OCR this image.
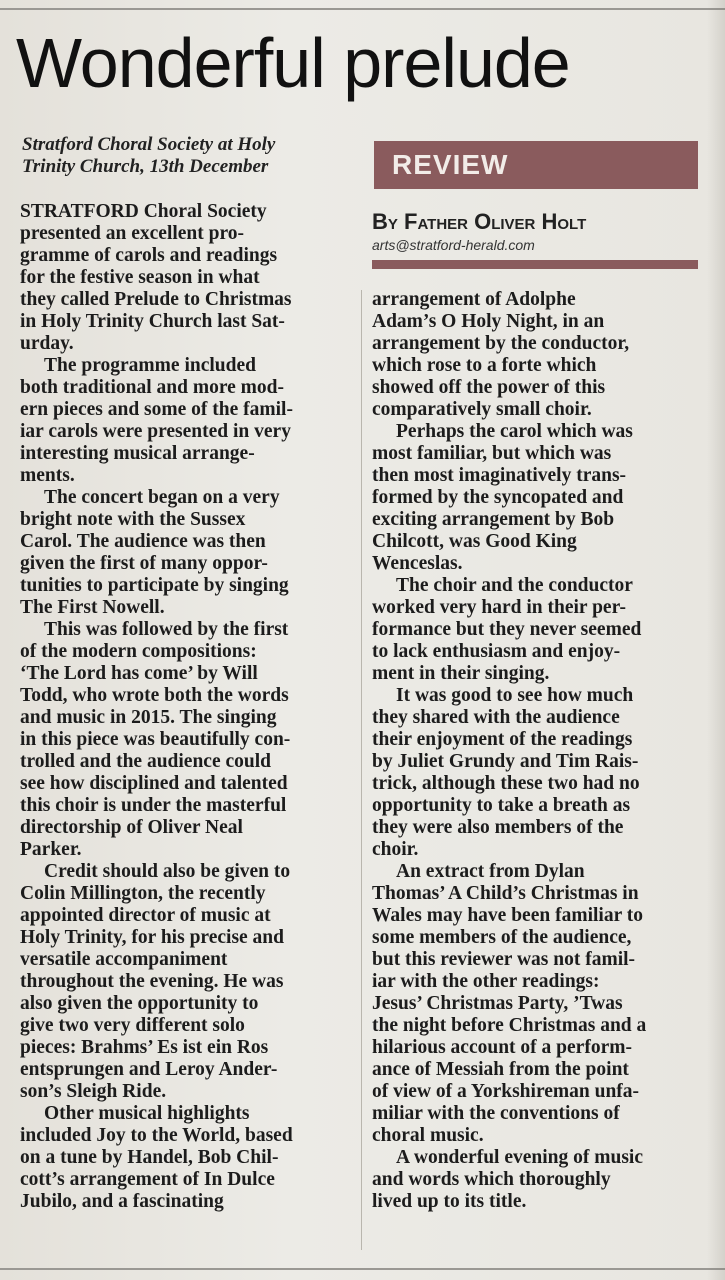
Wonderful prelude
Stratford Choral Society at Holy
Trinity Church, 13th December	REVIEW
By Father Oliver Holt
arts@stratford-herald.com

STRATFORD Choral Society

presented an excellent pro-

gramme of carols and readings

for the festive season in what

they called Prelude to Christmas

in Holy Trinity Church last Sat-

urday.

The programme included

both traditional and more mod-

ern pieces and some of the famil-

iar carols were presented in very

interesting musical arrange-

ments.

The concert began on a very

bright note with the Sussex

Carol. The audience was then

given the first of many oppor-

tunities to participate by singing

The First Nowell.

This was followed by the first

of the modern compositions:

‘The Lord has come’ by Will

Todd, who wrote both the words

and music in 2015. The singing

in this piece was beautifully con-

trolled and the audience could

see how disciplined and talented

this choir is under the masterful

directorship of Oliver Neal

Parker.

Credit should also be given to

Colin Millington, the recently

appointed director of music at

Holy Trinity, for his precise and

versatile accompaniment

throughout the evening. He was

also given the opportunity to

give two very different solo

pieces: Brahms’ Es ist ein Ros

entsprungen and Leroy Ander-

son’s Sleigh Ride.

Other musical highlights

included Joy to the World, based

on a tune by Handel, Bob Chil-

cott’s arrangement of In Dulce

Jubilo, and a fascinating

arrangement of Adolphe

Adam’s O Holy Night, in an

arrangement by the conductor,

which rose to a forte which

showed off the power of this

comparatively small choir.

Perhaps the carol which was

most familiar, but which was

then most imaginatively trans-

formed by the syncopated and

exciting arrangement by Bob

Chilcott, was Good King

Wenceslas.

The choir and the conductor

worked very hard in their per-

formance but they never seemed

to lack enthusiasm and enjoy-

ment in their singing.

It was good to see how much

they shared with the audience

their enjoyment of the readings

by Juliet Grundy and Tim Rais-

trick, although these two had no

opportunity to take a breath as

they were also members of the

choir.

An extract from Dylan

Thomas’ A Child’s Christmas in

Wales may have been familiar to

some members of the audience,

but this reviewer was not famil-

iar with the other readings:

Jesus’ Christmas Party, ’Twas

the night before Christmas and a

hilarious account of a perform-

ance of Messiah from the point

of view of a Yorkshireman unfa-

miliar with the conventions of

choral music.

A wonderful evening of music

and words which thoroughly

lived up to its title.
